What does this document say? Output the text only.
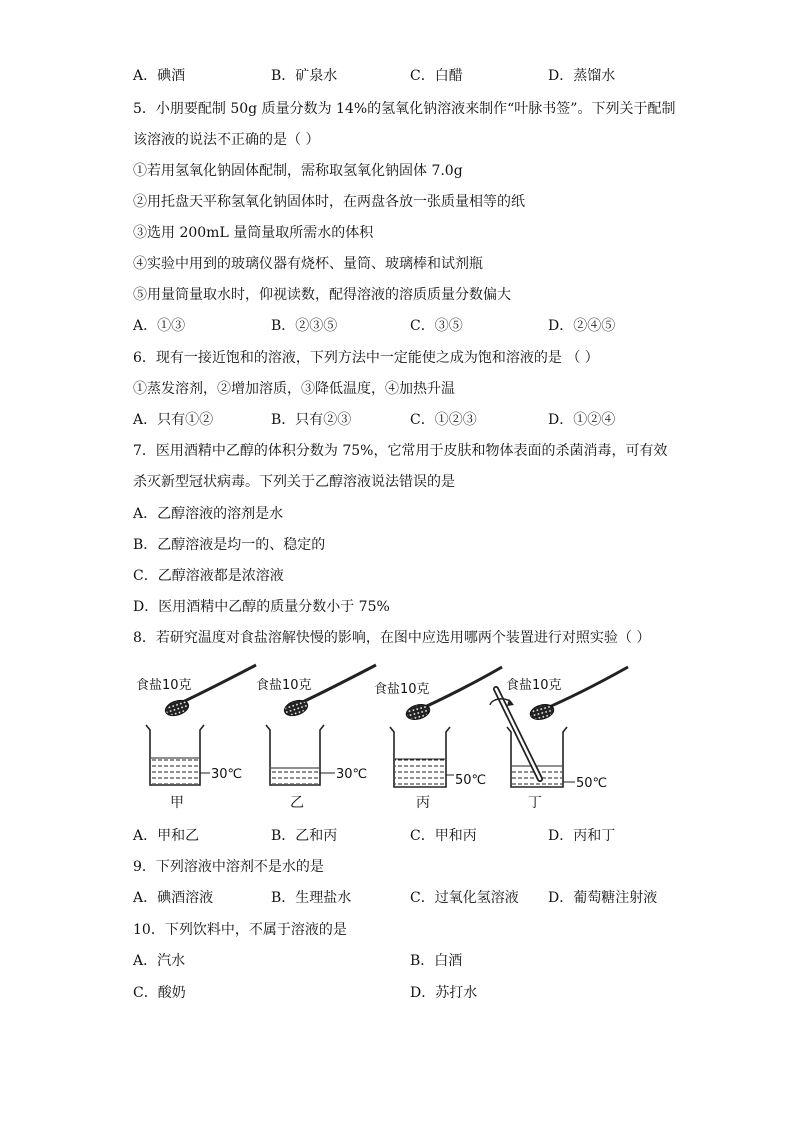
A．碘酒	B．矿泉水	C．白醋	D．蒸馏水
5．小朋要配制 50g 质量分数为 14%的氢氧化钠溶液来制作“叶脉书签”。下列关于配制
该溶液的说法不正确的是（ ）
①若用氢氧化钠固体配制，需称取氢氧化钠固体 7.0g
②用托盘天平称氢氧化钠固体时，在两盘各放一张质量相等的纸
③选用 200mL 量筒量取所需水的体积
④实验中用到的玻璃仪器有烧杯、量筒、玻璃棒和试剂瓶
⑤用量筒量取水时，仰视读数，配得溶液的溶质质量分数偏大
A．①③	B．②③⑤	C．③⑤	D．②④⑤
6．现有一接近饱和的溶液，下列方法中一定能使之成为饱和溶液的是 （ ）
①蒸发溶剂，②增加溶质，③降低温度，④加热升温
A．只有①②	B．只有②③	C．①②③	D．①②④
7．医用酒精中乙醇的体积分数为 75%，它常用于皮肤和物体表面的杀菌消毒，可有效
杀灭新型冠状病毒。下列关于乙醇溶液说法错误的是
A．乙醇溶液的溶剂是水
B．乙醇溶液是均一的、稳定的
C．乙醇溶液都是浓溶液
D．医用酒精中乙醇的质量分数小于 75%
8．若研究温度对食盐溶解快慢的影响，在图中应选用哪两个装置进行对照实验（ ）
食盐10克
30℃
甲
食盐10克
30℃
乙
食盐10克
50℃
丙
食盐10克
50℃
丁
A．甲和乙	B．乙和丙	C．甲和丙	D．丙和丁
9．下列溶液中溶剂不是水的是
A．碘酒溶液	B．生理盐水	C．过氧化氢溶液 D．葡萄糖注射液
10．下列饮料中，不属于溶液的是
A．汽水	B．白酒
C．酸奶	D．苏打水
